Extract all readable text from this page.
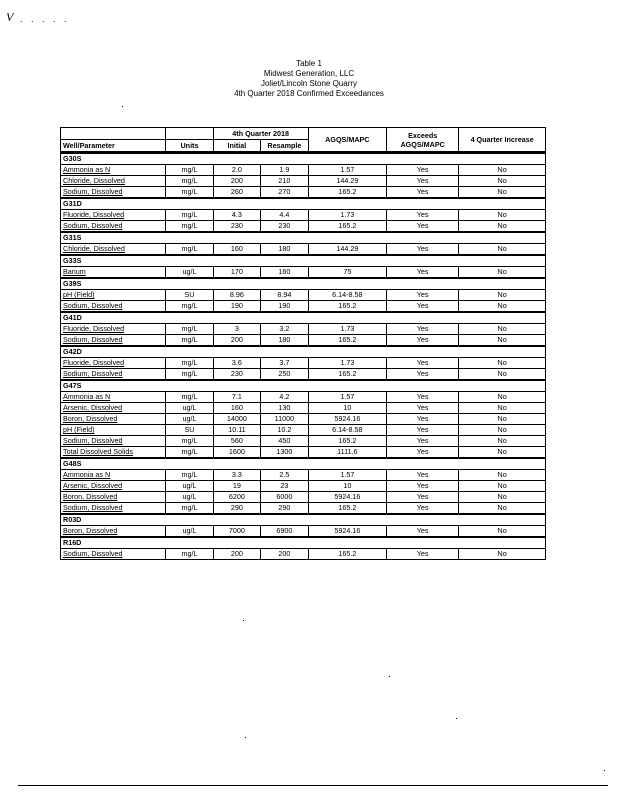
V . . . . .
Table 1
Midwest Generation, LLC
Joliet/Lincoln Stone Quarry
4th Quarter 2018 Confirmed Exceedances
		4th Quarter 2018		AGQS/MAPC	Exceeds AGQS/MAPC	4 Quarter Increase
Well/Parameter	Units	Initial	Resample			
G30S						
Ammonia as N	mg/L	2.0	1.9	1.57	Yes	No
Chloride, Dissolved	mg/L	200	210	144.29	Yes	No
Sodium, Dissolved	mg/L	260	270	165.2	Yes	No
G31D						
Fluoride, Dissolved	mg/L	4.3	4.4	1.73	Yes	No
Sodium, Dissolved	mg/L	230	230	165.2	Yes	No
G31S						
Chloride, Dissolved	mg/L	160	180	144.29	Yes	No
G33S						
Barium	ug/L	170	160	75	Yes	No
G39S						
pH (Field)	SU	8.96	8.94	6.14-8.58	Yes	No
Sodium, Dissolved	mg/L	190	190	165.2	Yes	No
G41D						
Fluoride, Dissolved	mg/L	3	3.2	1.73	Yes	No
Sodium, Dissolved	mg/L	200	180	165.2	Yes	No
G42D						
Fluoride, Dissolved	mg/L	3.6	3.7	1.73	Yes	No
Sodium, Dissolved	mg/L	230	250	165.2	Yes	No
G47S						
Ammonia as N	mg/L	7.1	4.2	1.57	Yes	No
Arsenic, Dissolved	ug/L	160	130	10	Yes	No
Boron, Dissolved	ug/L	14000	11000	5924.16	Yes	No
pH (Field)	SU	10.11	10.2	6.14-8.58	Yes	No
Sodium, Dissolved	mg/L	560	450	165.2	Yes	No
Total Dissolved Solids	mg/L	1600	1300	1111.6	Yes	No
G48S						
Ammonia as N	mg/L	3.3	2.5	1.57	Yes	No
Arsenic, Dissolved	ug/L	19	23	10	Yes	No
Boron, Dissolved	ug/L	6200	6000	5924.16	Yes	No
Sodium, Dissolved	mg/L	290	290	165.2	Yes	No
R03D						
Boron, Dissolved	ug/L	7000	6900	5924.16	Yes	No
R16D						
Sodium, Dissolved	mg/L	200	200	165.2	Yes	No
